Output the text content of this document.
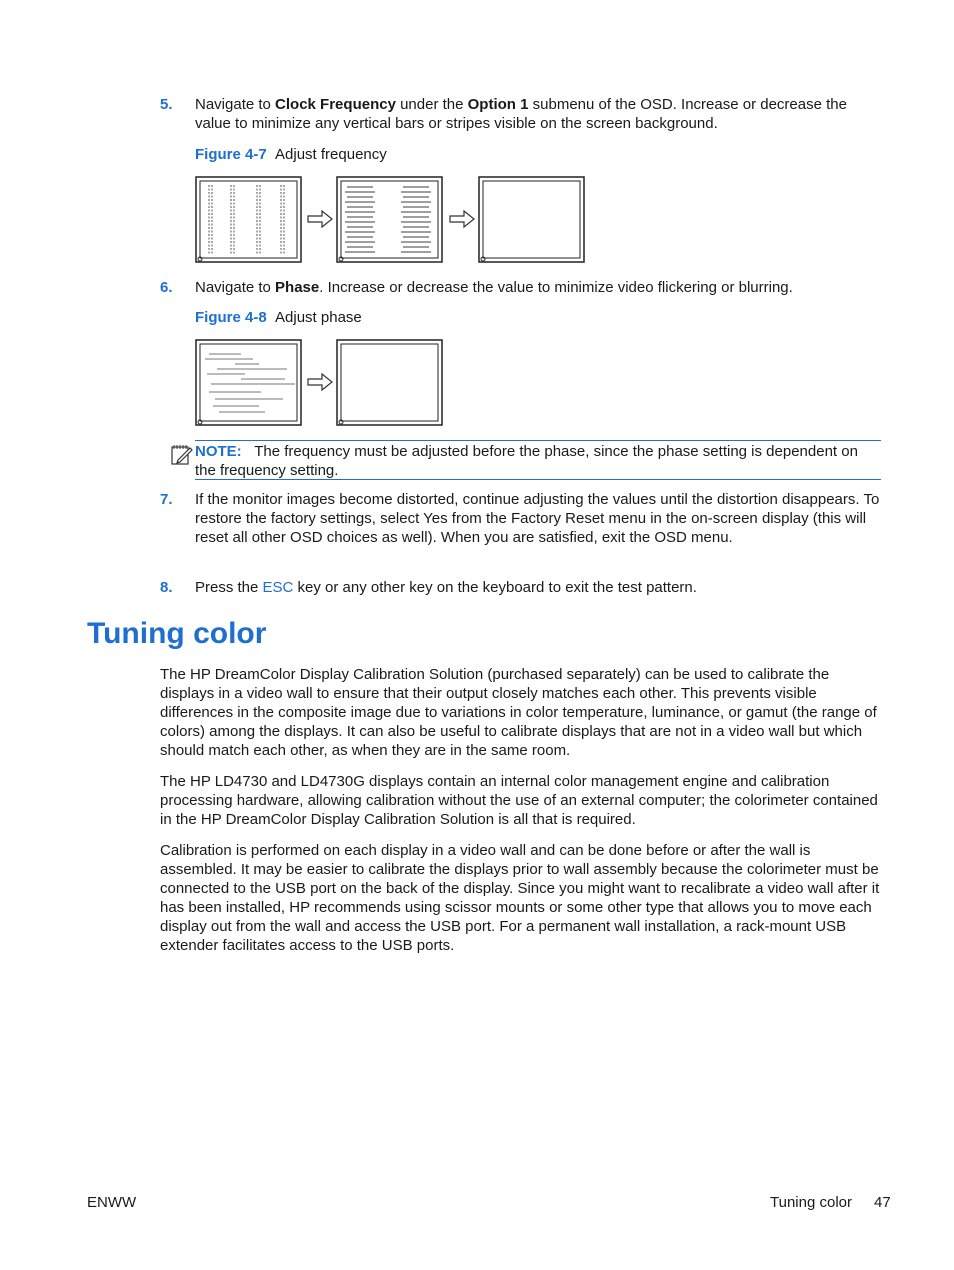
5.	Navigate to Clock Frequency under the Option 1 submenu of the OSD. Increase or decrease the value to minimize any vertical bars or stripes visible on the screen background.
Figure 4-7 Adjust frequency
6.	Navigate to Phase. Increase or decrease the value to minimize video flickering or blurring.
Figure 4-8 Adjust phase
NOTE: The frequency must be adjusted before the phase, since the phase setting is dependent on the frequency setting.
7.	If the monitor images become distorted, continue adjusting the values until the distortion disappears. To restore the factory settings, select Yes from the Factory Reset menu in the on-screen display (this will reset all other OSD choices as well). When you are satisfied, exit the OSD menu.
8.	Press the ESC key or any other key on the keyboard to exit the test pattern.
Tuning color
The HP DreamColor Display Calibration Solution (purchased separately) can be used to calibrate the displays in a video wall to ensure that their output closely matches each other. This prevents visible differences in the composite image due to variations in color temperature, luminance, or gamut (the range of colors) among the displays. It can also be useful to calibrate displays that are not in a video wall but which should match each other, as when they are in the same room.
The HP LD4730 and LD4730G displays contain an internal color management engine and calibration processing hardware, allowing calibration without the use of an external computer; the colorimeter contained in the HP DreamColor Display Calibration Solution is all that is required.
Calibration is performed on each display in a video wall and can be done before or after the wall is assembled. It may be easier to calibrate the displays prior to wall assembly because the colorimeter must be connected to the USB port on the back of the display. Since you might want to recalibrate a video wall after it has been installed, HP recommends using scissor mounts or some other type that allows you to move each display out from the wall and access the USB port. For a permanent wall installation, a rack-mount USB extender facilitates access to the USB ports.
ENWW	Tuning color 47
